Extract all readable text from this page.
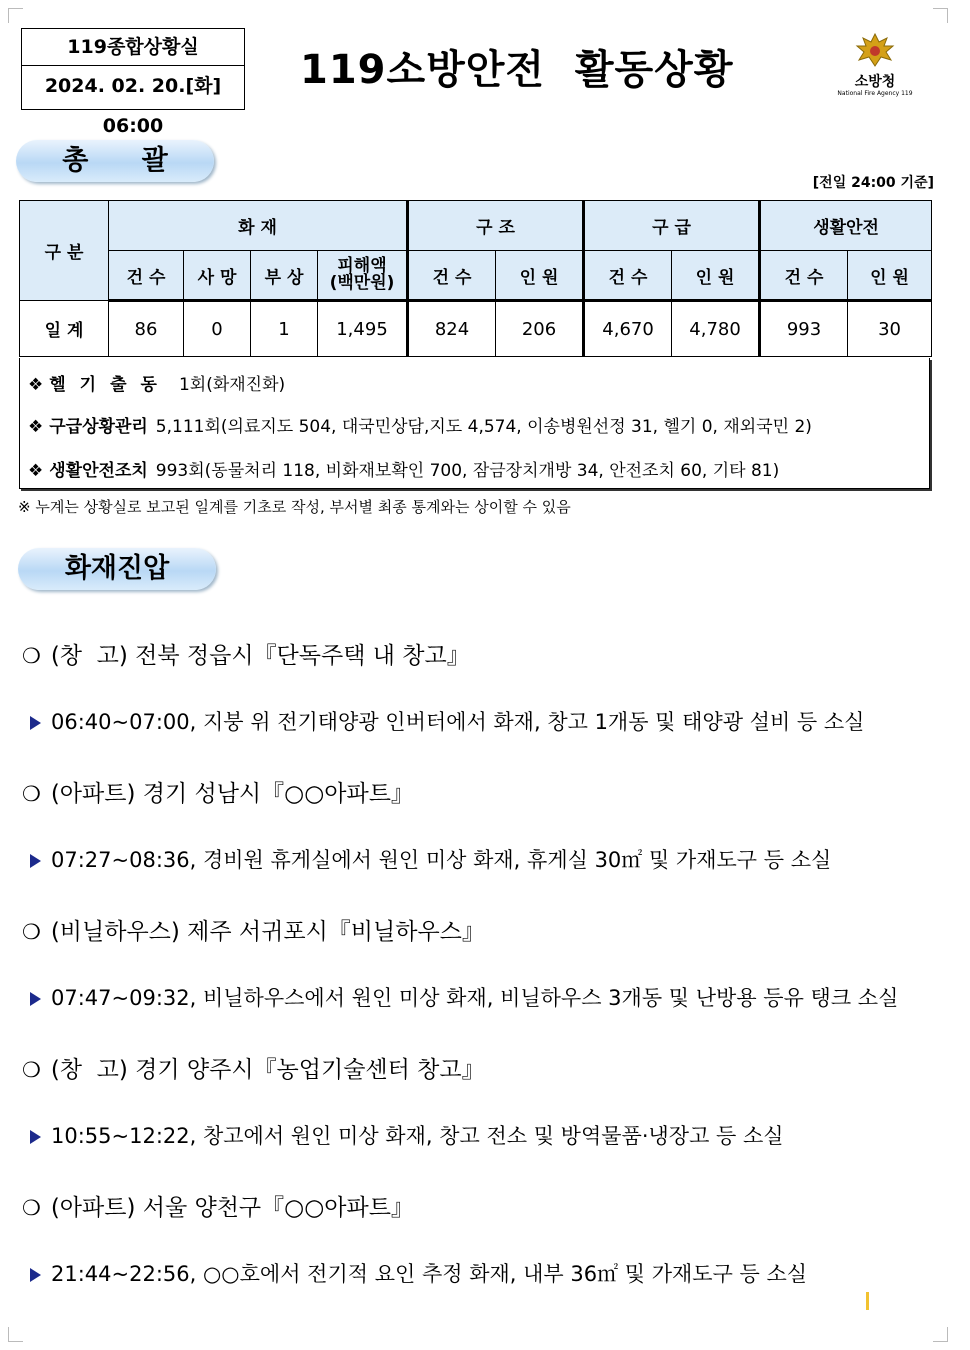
119종합상황실
2024. 02. 20.[화] 06:00
119소방안전  활동상황	소방청
National Fire Agency 119
총 괄
[전일 24:00 기준]
구 분	화 재				구 조		구 급		생활안전	
	건 수	사 망	부 상	피해액
(백만원)	건 수	인 원	건 수	인 원	건 수	인 원
일 계	86	0	1	1,495	824	206	4,670	4,780	993	30
❖ 헬기출동 1회(화재진화)
❖ 구급상황관리 5,111회(의료지도 504, 대국민상담,지도 4,574, 이송병원선정 31, 헬기 0, 재외국민 2)
❖ 생활안전조치 993회(동물처리 118, 비화재보확인 700, 잠금장치개방 34, 안전조치 60, 기타 81)
※ 누계는 상황실로 보고된 일계를 기초로 작성, 부서별 최종 통계와는 상이할 수 있음
화재진압
❍ (창  고) 전북 정읍시『단독주택 내 창고』
06:40~07:00, 지붕 위 전기태양광 인버터에서 화재, 창고 1개동 및 태양광 설비 등 소실
❍ (아파트) 경기 성남시『○○아파트』
07:27~08:36, 경비원 휴게실에서 원인 미상 화재, 휴게실 30㎡ 및 가재도구 등 소실
❍ (비닐하우스) 제주 서귀포시『비닐하우스』
07:47~09:32, 비닐하우스에서 원인 미상 화재, 비닐하우스 3개동 및 난방용 등유 탱크 소실
❍ (창  고) 경기 양주시『농업기술센터 창고』
10:55~12:22, 창고에서 원인 미상 화재, 창고 전소 및 방역물품·냉장고 등 소실
❍ (아파트) 서울 양천구『○○아파트』
21:44~22:56, ○○호에서 전기적 요인 추정 화재, 내부 36㎡ 및 가재도구 등 소실
